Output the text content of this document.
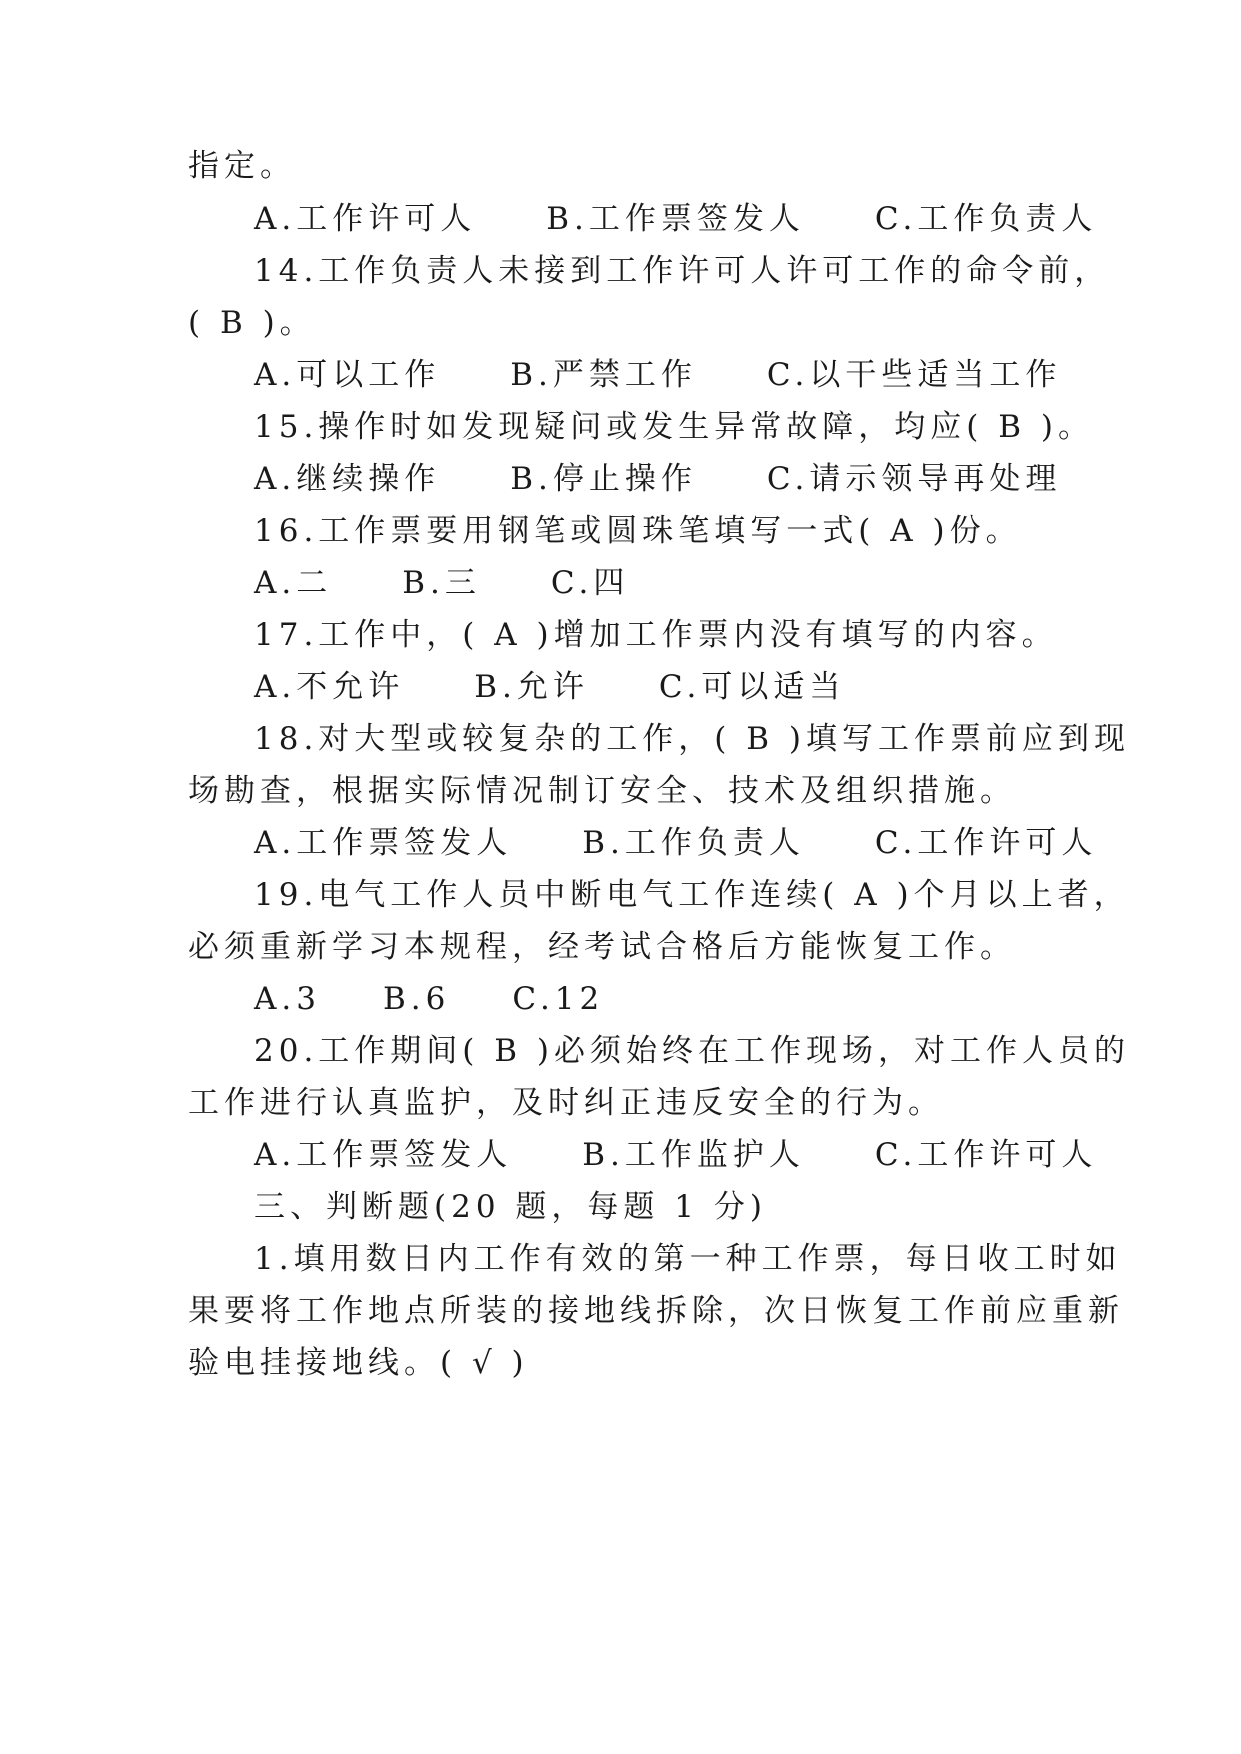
指定。
A.工作许可人 B.工作票签发人 C.工作负责人
14.工作负责人未接到工作许可人许可工作的命令前，
( B )。
A.可以工作 B.严禁工作 C.以干些适当工作
15.操作时如发现疑问或发生异常故障，均应( B )。
A.继续操作 B.停止操作 C.请示领导再处理
16.工作票要用钢笔或圆珠笔填写一式( A )份。
A.二 B.三 C.四
17.工作中，( A )增加工作票内没有填写的内容。
A.不允许 B.允许 C.可以适当
18.对大型或较复杂的工作，( B )填写工作票前应到现
场勘查，根据实际情况制订安全、技术及组织措施。
A.工作票签发人 B.工作负责人 C.工作许可人
19.电气工作人员中断电气工作连续( A )个月以上者，
必须重新学习本规程，经考试合格后方能恢复工作。
A.3 B.6 C.12
20.工作期间( B )必须始终在工作现场，对工作人员的
工作进行认真监护，及时纠正违反安全的行为。
A.工作票签发人 B.工作监护人 C.工作许可人
三、判断题(20 题，每题 1 分)
1.填用数日内工作有效的第一种工作票，每日收工时如
果要将工作地点所装的接地线拆除，次日恢复工作前应重新
验电挂接地线。( √ )
